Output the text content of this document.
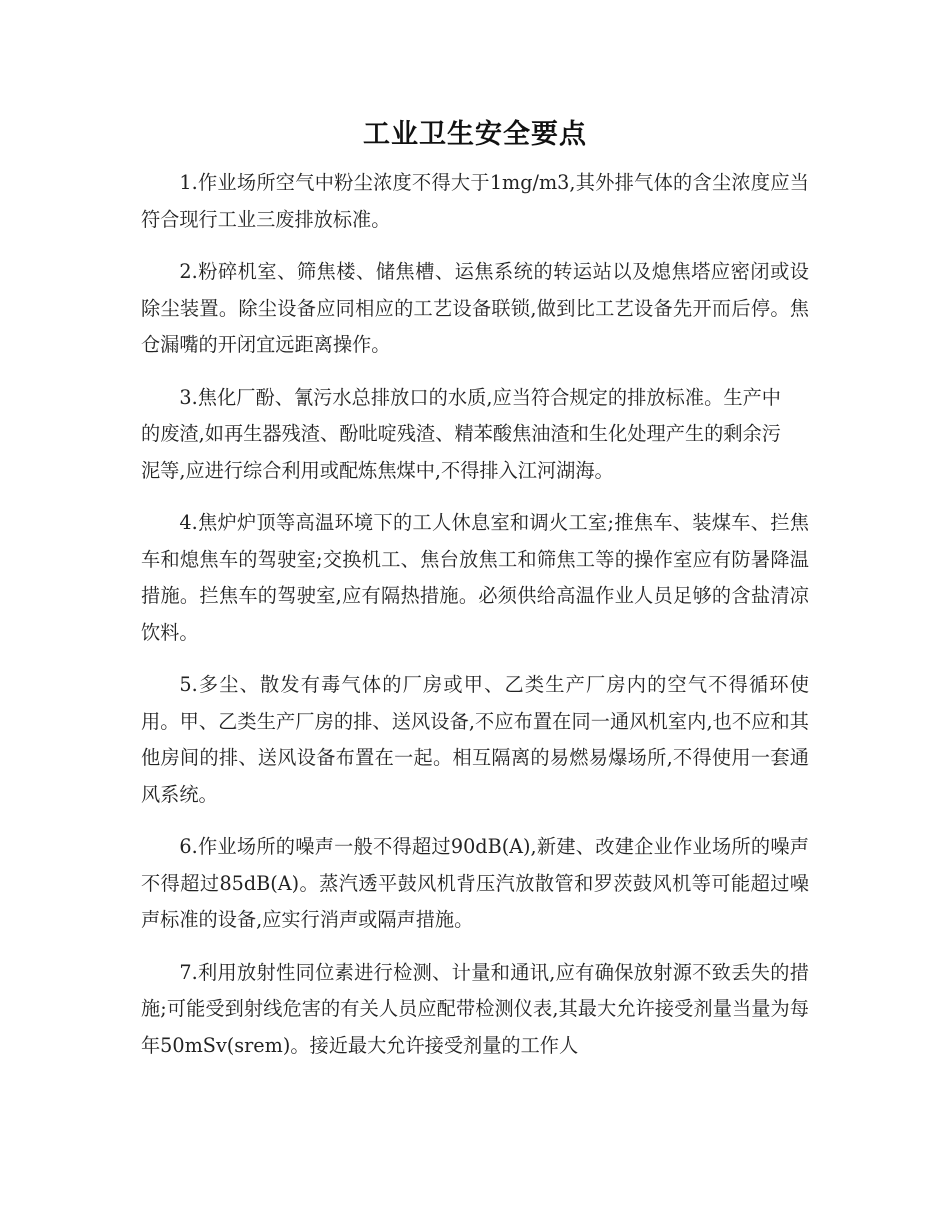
工业卫生安全要点

1.作业场所空气中粉尘浓度不得大于1mg/m3,其外排气体的含尘浓度应当符合现行工业三废排放标准。

2.粉碎机室、筛焦楼、储焦槽、运焦系统的转运站以及熄焦塔应密闭或设除尘装置。除尘设备应同相应的工艺设备联锁,做到比工艺设备先开而后停。焦仓漏嘴的开闭宜远距离操作。

3.焦化厂酚、氰污水总排放口的水质,应当符合规定的排放标准。生产中的废渣,如再生器残渣、酚吡啶残渣、精苯酸焦油渣和生化处理产生的剩余污泥等,应进行综合利用或配炼焦煤中,不得排入江河湖海。

4.焦炉炉顶等高温环境下的工人休息室和调火工室;推焦车、装煤车、拦焦车和熄焦车的驾驶室;交换机工、焦台放焦工和筛焦工等的操作室应有防暑降温措施。拦焦车的驾驶室,应有隔热措施。必须供给高温作业人员足够的含盐清凉饮料。

5.多尘、散发有毒气体的厂房或甲、乙类生产厂房内的空气不得循环使用。甲、乙类生产厂房的排、送风设备,不应布置在同一通风机室内,也不应和其他房间的排、送风设备布置在一起。相互隔离的易燃易爆场所,不得使用一套通风系统。

6.作业场所的噪声一般不得超过90dB(A),新建、改建企业作业场所的噪声不得超过85dB(A)。蒸汽透平鼓风机背压汽放散管和罗茨鼓风机等可能超过噪声标准的设备,应实行消声或隔声措施。

7.利用放射性同位素进行检测、计量和通讯,应有确保放射源不致丢失的措施;可能受到射线危害的有关人员应配带检测仪表,其最大允许接受剂量当量为每年50mSv(srem)。接近最大允许接受剂量的工作人
